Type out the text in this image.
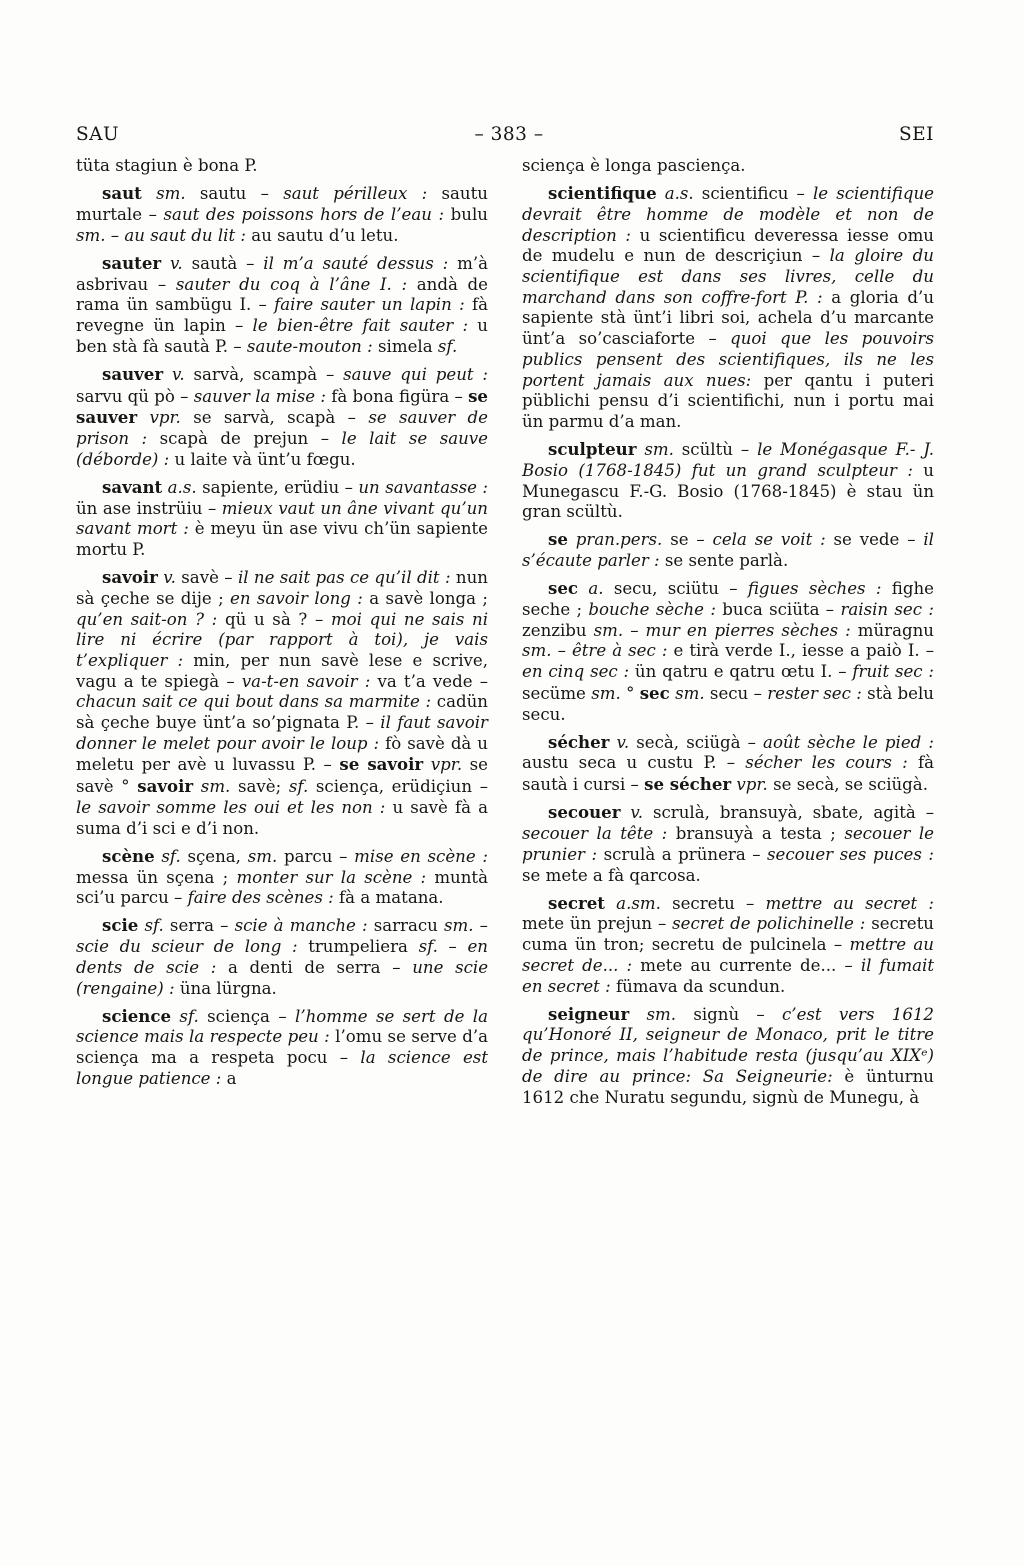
SAU	– 383 –	SEI

tüta stagiun è bona P.

saut sm. sautu – saut périlleux : sautu murtale – saut des poissons hors de l’eau : bulu sm. – au saut du lit : au sautu d’u letu.

sauter v. sautà – il m’a sauté dessus : m’à asbrivau – sauter du coq à l’âne I. : andà de rama ün sambügu I. – faire sauter un lapin : fà revegne ün lapin – le bien-être fait sauter : u ben stà fà sautà P. – saute-mouton : simela sf.

sauver v. sarvà, scampà – sauve qui peut : sarvu qü pò – sauver la mise : fà bona figüra – se sauver vpr. se sarvà, scapà – se sauver de prison : scapà de prejun – le lait se sauve (déborde) : u laite và ünt’u fœgu.

savant a.s. sapiente, erüdiu – un savantasse : ün ase instrüiu – mieux vaut un âne vivant qu’un savant mort : è meyu ün ase vivu ch’ün sapiente mortu P.

savoir v. savè – il ne sait pas ce qu’il dit : nun sà çeche se dije ; en savoir long : a savè longa ; qu’en sait-on ? : qü u sà ? – moi qui ne sais ni lire ni écrire (par rapport à toi), je vais t’expliquer : min, per nun savè lese e scrive, vagu a te spiegà – va-t-en savoir : va t’a vede – chacun sait ce qui bout dans sa marmite : cadün sà çeche buye ünt’a so’pignata P. – il faut savoir donner le melet pour avoir le loup : fò savè dà u meletu per avè u luvassu P. – se savoir vpr. se savè ° savoir sm. savè; sf. sciença, erüdiçiun – le savoir somme les oui et les non : u savè fà a suma d’i sci e d’i non.

scène sf. sçena, sm. parcu – mise en scène : messa ün sçena ; monter sur la scène : muntà sci’u parcu – faire des scènes : fà a matana.

scie sf. serra – scie à manche : sarracu sm. – scie du scieur de long : trumpeliera sf. – en dents de scie : a denti de serra – une scie (rengaine) : üna lürgna.

science sf. sciença – l’homme se sert de la science mais la respecte peu : l’omu se serve d’a sciença ma a respeta pocu – la science est longue patience : a

sciença è longa pasciença.

scientifique a.s. scientificu – le scientifique devrait être homme de modèle et non de description : u scientificu deveressa iesse omu de mudelu e nun de descriçiun – la gloire du scientifique est dans ses livres, celle du marchand dans son coffre-fort P. : a gloria d’u sapiente stà ünt’i libri soi, achela d’u marcante ünt’a so’casciaforte – quoi que les pouvoirs publics pensent des scientifiques, ils ne les portent jamais aux nues: per qantu i puteri püblichi pensu d’i scientifichi, nun i portu mai ün parmu d’a man.

sculpteur sm. scültù – le Monégasque F.- J. Bosio (1768-1845) fut un grand sculpteur : u Munegascu F.-G. Bosio (1768-1845) è stau ün gran scültù.

se pran.pers. se – cela se voit : se vede – il s’écaute parler : se sente parlà.

sec a. secu, sciütu – figues sèches : fighe seche ; bouche sèche : buca sciüta – raisin sec : zenzibu sm. – mur en pierres sèches : müragnu sm. – être à sec : e tirà verde I., iesse a paiò I. – en cinq sec : ün qatru e qatru œtu I. – fruit sec : secüme sm. ° sec sm. secu – rester sec : stà belu secu.

sécher v. secà, sciügà – août sèche le pied : austu seca u custu P. – sécher les cours : fà sautà i cursi – se sécher vpr. se secà, se sciügà.

secouer v. scrulà, bransuyà, sbate, agità – secouer la tête : bransuyà a testa ; secouer le prunier : scrulà a prünera – secouer ses puces : se mete a fà qarcosa.

secret a.sm. secretu – mettre au secret : mete ün prejun – secret de polichinelle : secretu cuma ün tron; secretu de pulcinela – mettre au secret de... : mete au currente de... – il fumait en secret : fümava da scundun.

seigneur sm. signù – c’est vers 1612 qu’Honoré II, seigneur de Monaco, prit le titre de prince, mais l’habitude resta (jusqu’au XIXᵉ) de dire au prince: Sa Seigneurie: è ünturnu 1612 che Nuratu segundu, signù de Munegu, à
